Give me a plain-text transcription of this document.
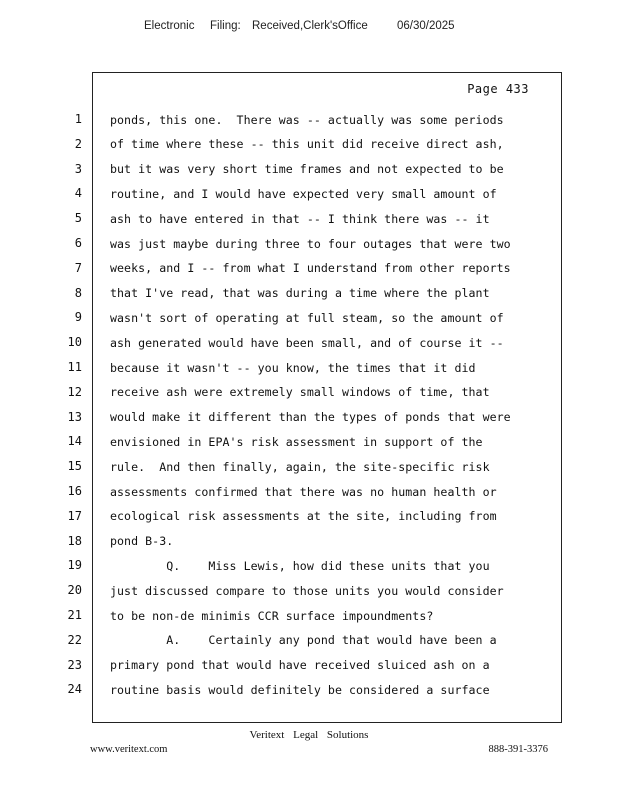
Electronic Filing: Received,Clerk'sOffice	06/30/2025
Page 433
1 ponds, this one.  There was -- actually was some periods
2 of time where these -- this unit did receive direct ash,
3 but it was very short time frames and not expected to be
4 routine, and I would have expected very small amount of
5 ash to have entered in that -- I think there was -- it
6 was just maybe during three to four outages that were two
7 weeks, and I -- from what I understand from other reports
8 that I've read, that was during a time where the plant
9 wasn't sort of operating at full steam, so the amount of
10 ash generated would have been small, and of course it --
11 because it wasn't -- you know, the times that it did
12 receive ash were extremely small windows of time, that
13 would make it different than the types of ponds that were
14 envisioned in EPA's risk assessment in support of the
15 rule.  And then finally, again, the site-specific risk
16 assessments confirmed that there was no human health or
17 ecological risk assessments at the site, including from
18 pond B-3.
19 Q.    Miss Lewis, how did these units that you
20 just discussed compare to those units you would consider
21 to be non-de minimis CCR surface impoundments?
22 A.    Certainly any pond that would have been a
23 primary pond that would have received sluiced ash on a
24 routine basis would definitely be considered a surface
Veritext Legal Solutions
www.veritext.com	888-391-3376
